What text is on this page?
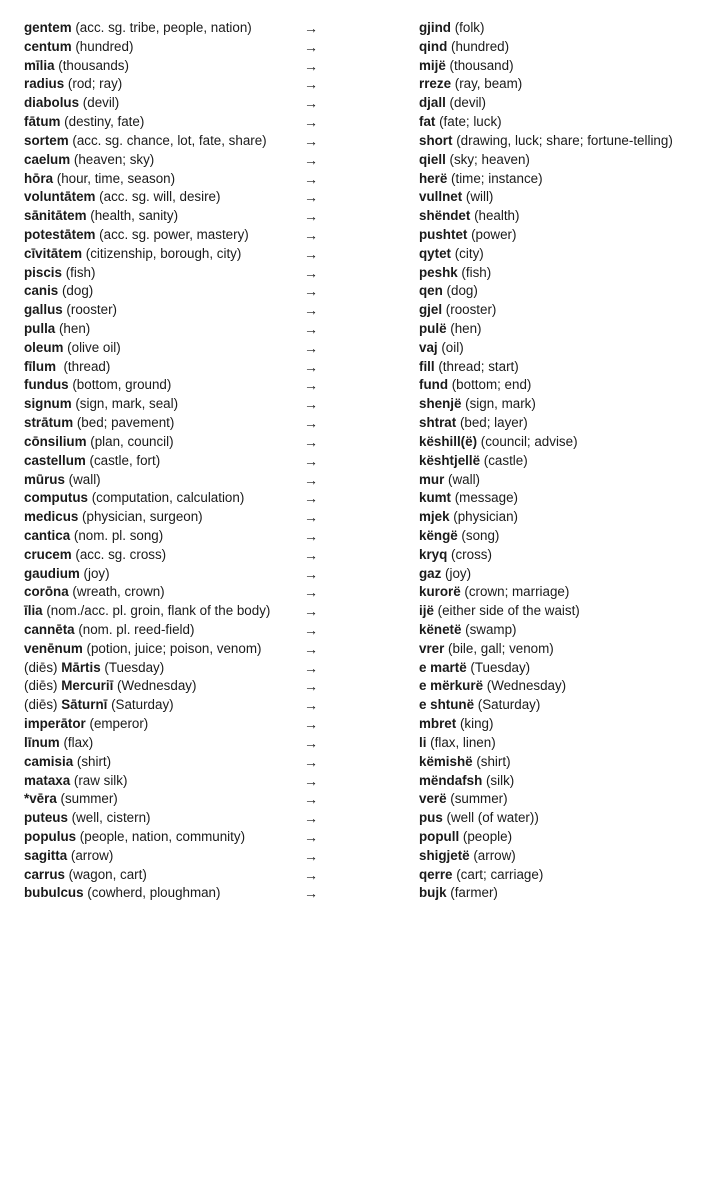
gentem (acc. sg. tribe, people, nation)	→	gjind (folk)
centum (hundred)	→	qind (hundred)
mīlia (thousands)	→	mijë (thousand)
radius (rod; ray)	→	rreze (ray, beam)
diabolus (devil)	→	djall (devil)
fātum (destiny, fate)	→	fat (fate; luck)
sortem (acc. sg. chance, lot, fate, share)	→	short (drawing, luck; share; fortune-telling)
caelum (heaven; sky)	→	qiell (sky; heaven)
hōra (hour, time, season)	→	herë (time; instance)
voluntātem (acc. sg. will, desire)	→	vullnet (will)
sānitātem (health, sanity)	→	shëndet (health)
potestātem (acc. sg. power, mastery)	→	pushtet (power)
cīvitātem (citizenship, borough, city)	→	qytet (city)
piscis (fish)	→	peshk (fish)
canis (dog)	→	qen (dog)
gallus (rooster)	→	gjel (rooster)
pulla (hen)	→	pulë (hen)
oleum (olive oil)	→	vaj (oil)
fīlum  (thread)	→	fill (thread; start)
fundus (bottom, ground)	→	fund (bottom; end)
signum (sign, mark, seal)	→	shenjë (sign, mark)
strātum (bed; pavement)	→	shtrat (bed; layer)
cōnsilium (plan, council)	→	këshill(ë) (council; advise)
castellum (castle, fort)	→	kështjellë (castle)
mūrus (wall)	→	mur (wall)
computus (computation, calculation)	→	kumt (message)
medicus (physician, surgeon)	→	mjek (physician)
cantica (nom. pl. song)	→	këngë (song)
crucem (acc. sg. cross)	→	kryq (cross)
gaudium (joy)	→	gaz (joy)
corōna (wreath, crown)	→	kurorë (crown; marriage)
īlia (nom./acc. pl. groin, flank of the body) →	ijë (either side of the waist)
cannēta (nom. pl. reed-field)	→	kënetë (swamp)
venēnum (potion, juice; poison, venom)	→	vrer (bile, gall; venom)
(diēs) Mārtis (Tuesday)	→	e martë (Tuesday)
(diēs) Mercuriī (Wednesday)	→	e mërkurë (Wednesday)
(diēs) Sāturnī (Saturday)	→	e shtunë (Saturday)
imperātor (emperor)	→	mbret (king)
līnum (flax)	→	li (flax, linen)
camisia (shirt)	→	këmishë (shirt)
mataxa (raw silk)	→	mëndafsh (silk)
*vēra (summer)	→	verë (summer)
puteus (well, cistern)	→	pus (well (of water))
populus (people, nation, community)	→	popull (people)
sagitta (arrow)	→	shigjetë (arrow)
carrus (wagon, cart)	→	qerre (cart; carriage)
bubulcus (cowherd, ploughman)	→	bujk (farmer)
